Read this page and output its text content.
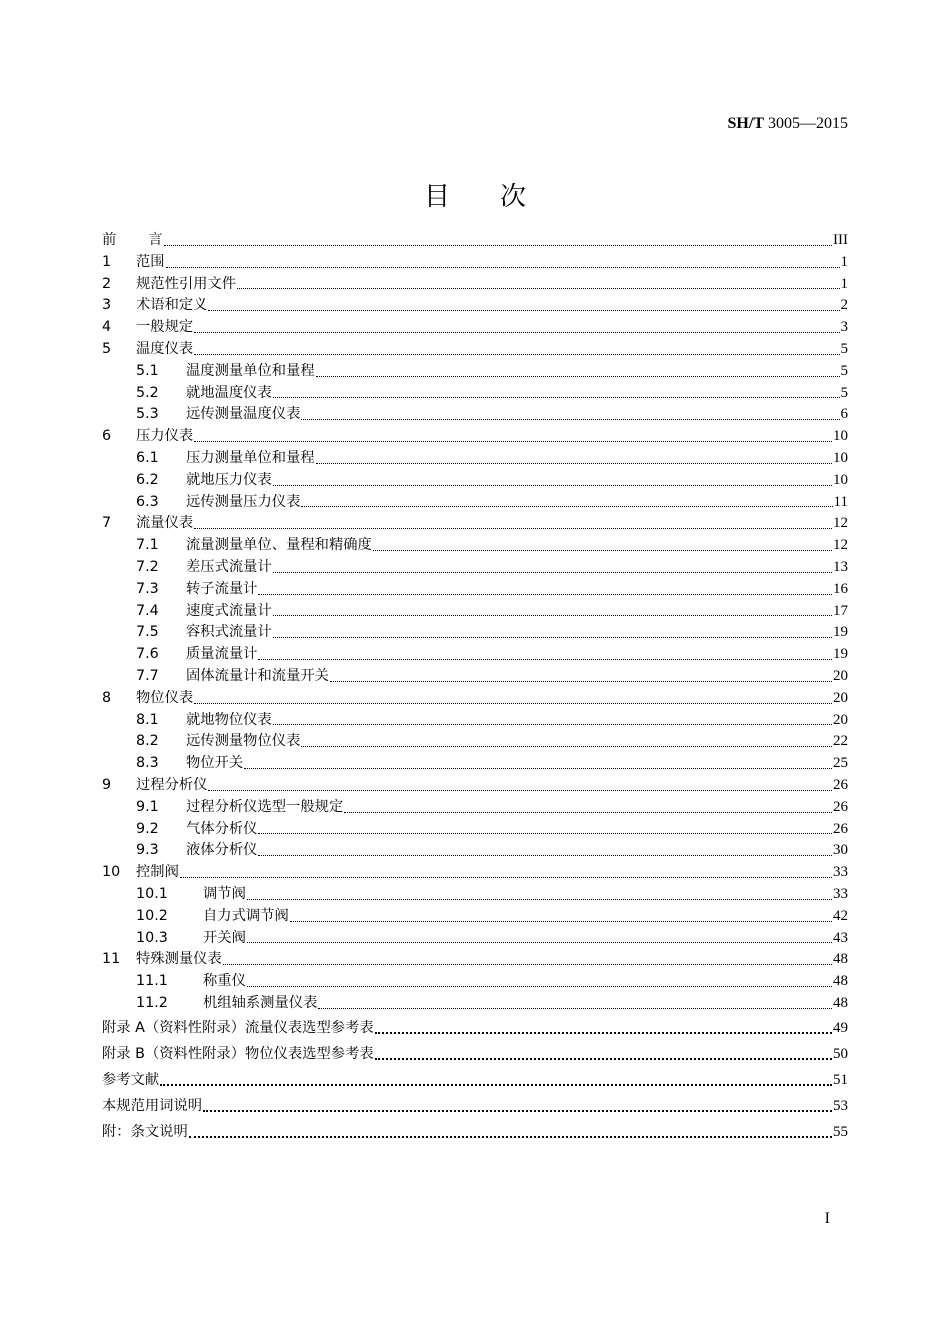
SH/T 3005—2015
目次
前 言	III
1	范围	1
2	规范性引用文件	1
3	术语和定义	2
4	一般规定	3
5	温度仪表	5
5.1	温度测量单位和量程	5
5.2	就地温度仪表	5
5.3	远传测量温度仪表	6
6	压力仪表	10
6.1	压力测量单位和量程	10
6.2	就地压力仪表	10
6.3	远传测量压力仪表	11
7	流量仪表	12
7.1	流量测量单位、量程和精确度	12
7.2	差压式流量计	13
7.3	转子流量计	16
7.4	速度式流量计	17
7.5	容积式流量计	19
7.6	质量流量计	19
7.7	固体流量计和流量开关	20
8	物位仪表	20
8.1	就地物位仪表	20
8.2	远传测量物位仪表	22
8.3	物位开关	25
9	过程分析仪	26
9.1	过程分析仪选型一般规定	26
9.2	气体分析仪	26
9.3	液体分析仪	30
10	控制阀	33
10.1	调节阀	33
10.2	自力式调节阀	42
10.3	开关阀	43
11	特殊测量仪表	48
11.1	称重仪	48
11.2	机组轴系测量仪表	48
附录 A（资料性附录）流量仪表选型参考表	49
附录 B（资料性附录）物位仪表选型参考表	50
参考文献	51
本规范用词说明	53
附：条文说明	55
I
